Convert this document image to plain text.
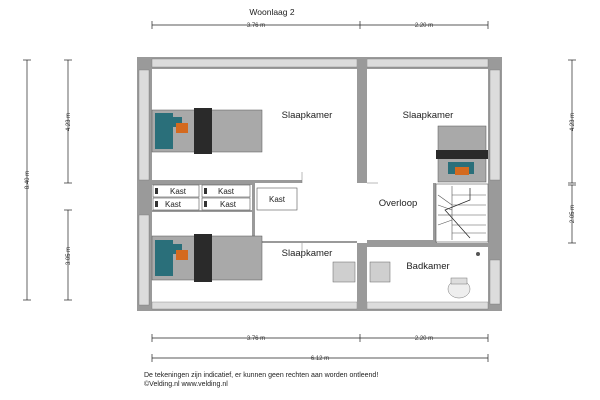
Woonlaag 2
3.76 m	2.20 m
8.40 m
4.23 m
3.05 m
4.23 m
2.05 m
Kast	Kast
Kast	Kast
Kast
Slaapkamer	Slaapkamer
Overloop
Slaapkamer
Badkamer
3.76 m	2.20 m
6.12 m
De tekeningen zijn indicatief, er kunnen geen rechten aan worden ontleend!
©Velding.nl www.velding.nl
